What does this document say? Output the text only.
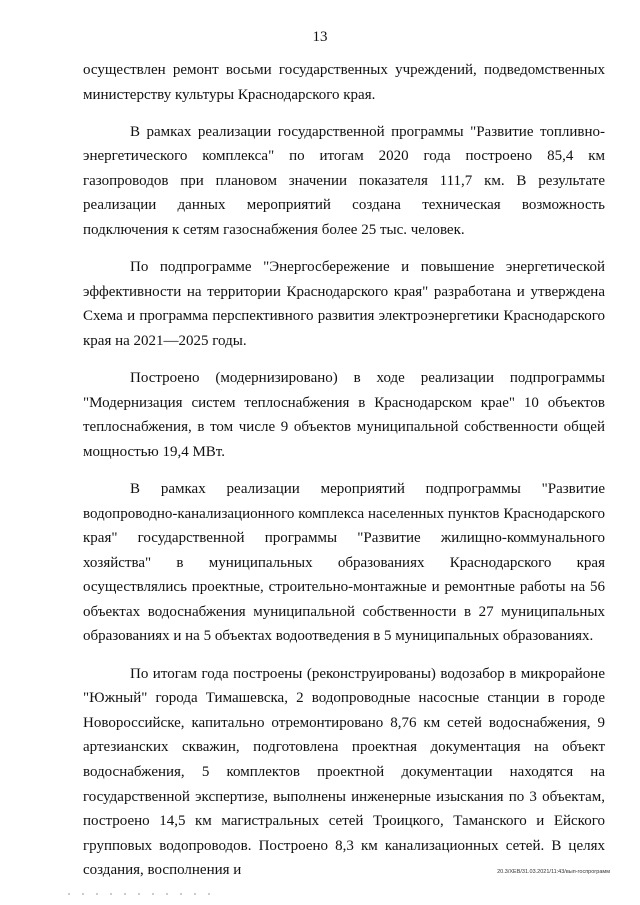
13

осуществлен ремонт восьми государственных учреждений, подведомственных министерству культуры Краснодарского края.

В рамках реализации государственной программы "Развитие топливно-энергетического комплекса" по итогам 2020 года построено 85,4 км газопроводов при плановом значении показателя 111,7 км. В результате реализации данных мероприятий создана техническая возможность подключения к сетям газоснабжения более 25 тыс. человек.

По подпрограмме "Энергосбережение и повышение энергетической эффективности на территории Краснодарского края" разработана и утверждена Схема и программа перспективного развития электроэнергетики Краснодарского края на 2021—2025 годы.

Построено (модернизировано) в ходе реализации подпрограммы "Модернизация систем теплоснабжения в Краснодарском крае" 10 объектов теплоснабжения, в том числе 9 объектов муниципальной собственности общей мощностью 19,4 МВт.

В рамках реализации мероприятий подпрограммы "Развитие водопроводно-канализационного комплекса населенных пунктов Краснодарского края" государственной программы "Развитие жилищно-коммунального хозяйства" в муниципальных образованиях Краснодарского края осуществлялись проектные, строительно-монтажные и ремонтные работы на 56 объектах водоснабжения муниципальной собственности в 27 муниципальных образованиях и на 5 объектах водоотведения в 5 муниципальных образованиях.

По итогам года построены (реконструированы) водозабор в микрорайоне "Южный" города Тимашевска, 2 водопроводные насосные станции в городе Новороссийске, капитально отремонтировано 8,76 км сетей водоснабжения, 9 артезианских скважин, подготовлена проектная документация на объект водоснабжения, 5 комплектов проектной документации находятся на государственной экспертизе, выполнены инженерные изыскания по 3 объектам, построено 14,5 км магистральных сетей Троицкого, Таманского и Ейского групповых водопроводов. Построено 8,3 км канализационных сетей. В целях создания, восполнения и	20.3/ХЕВ/31.03.2021/11:43/вып-госпрограмм
